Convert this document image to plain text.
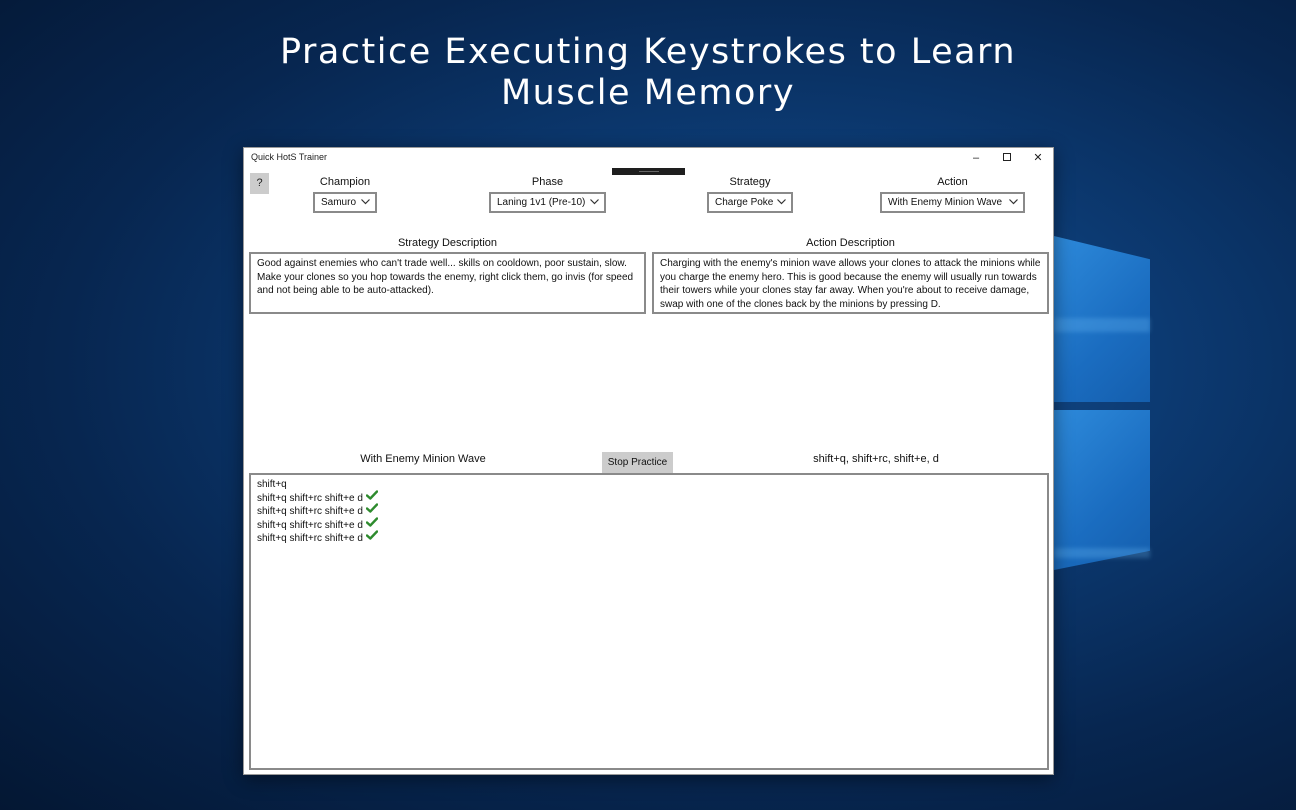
Practice Executing Keystrokes to Learn
Muscle Memory
Quick HotS Trainer	–	✕
?	Champion
Samuro
Phase
Laning 1v1 (Pre-10)
Strategy
Charge Poke
Action
With Enemy Minion Wave
Strategy Description
Good against enemies who can't trade well... skills on cooldown, poor sustain, slow. Make your clones so you hop towards the enemy, right click them, go invis (for speed and not being able to be auto-attacked).
Action Description
Charging with the enemy's minion wave allows your clones to attack the minions while you charge the enemy hero. This is good because the enemy will usually run towards their towers while your clones stay far away. When you're about to receive damage, swap with one of the clones back by the minions by pressing D.
With Enemy Minion Wave	Stop Practice	shift+q, shift+rc, shift+e, d
shift+q
shift+q shift+rc shift+e d
shift+q shift+rc shift+e d
shift+q shift+rc shift+e d
shift+q shift+rc shift+e d
